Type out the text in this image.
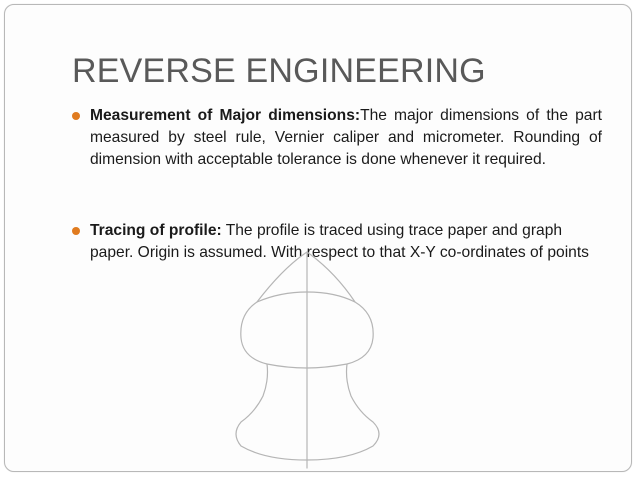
REVERSE ENGINEERING
Measurement of Major dimensions:The major dimensions of the part measured by steel rule, Vernier caliper and micrometer. Rounding of dimension with acceptable tolerance is done whenever it required.
Tracing of profile: The profile is traced using trace paper and graph paper. Origin is assumed. With respect to that X-Y co-ordinates of points
